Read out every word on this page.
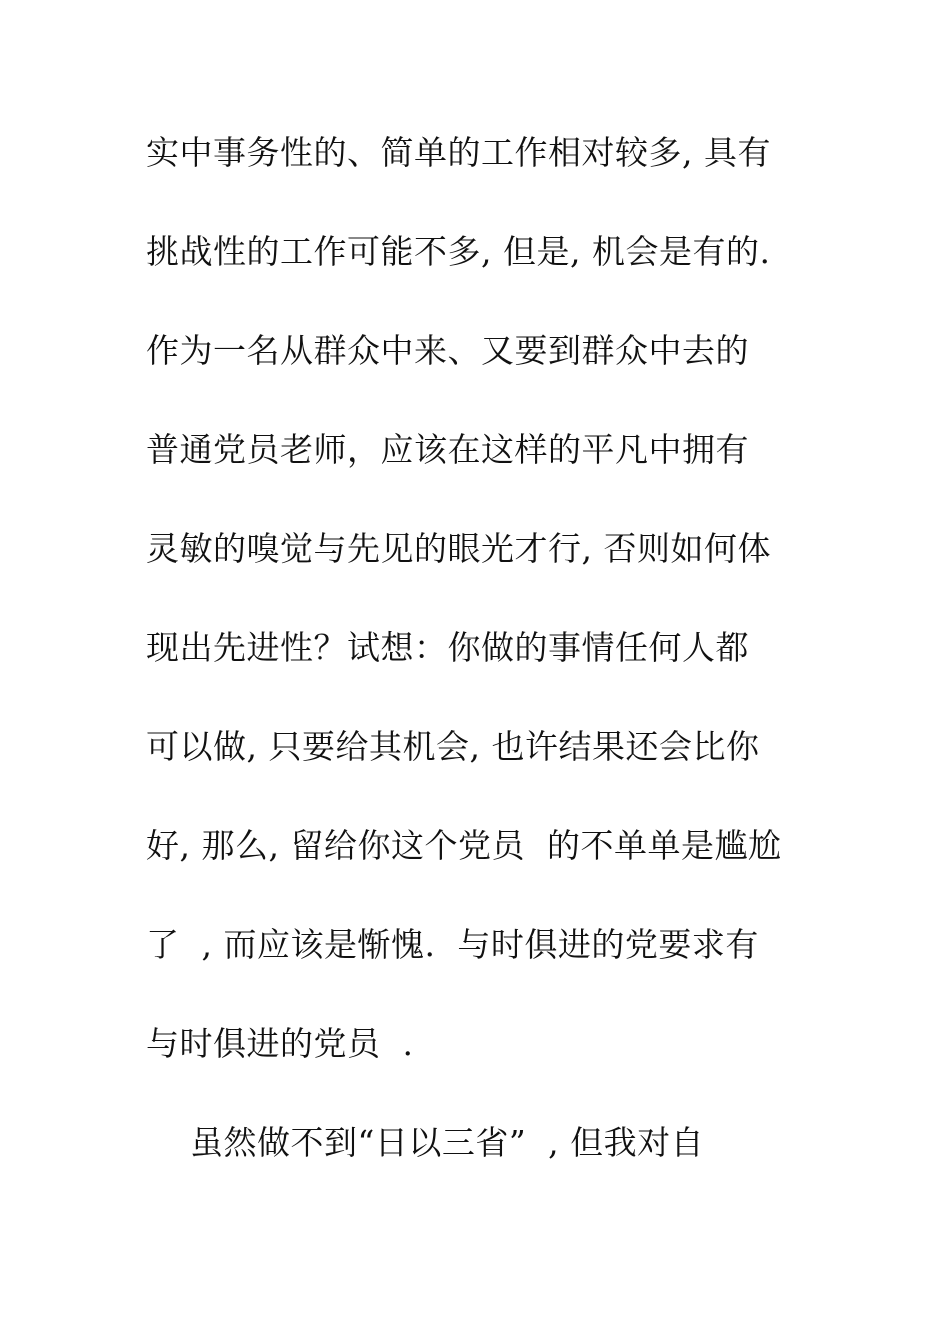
实中事务性的、简单的工作相对较多, 具有
挑战性的工作可能不多, 但是, 机会是有的.
作为一名从群众中来、又要到群众中去的
普通党员老师，应该在这样的平凡中拥有
灵敏的嗅觉与先见的眼光才行, 否则如何体
现出先进性？试想：你做的事情任何人都
可以做, 只要给其机会, 也许结果还会比你
好, 那么, 留给你这个党员  的不单单是尴尬
了  , 而应该是惭愧.  与时俱进的党要求有
与时俱进的党员  .
虽然做不到“日以三省”  , 但我对自
